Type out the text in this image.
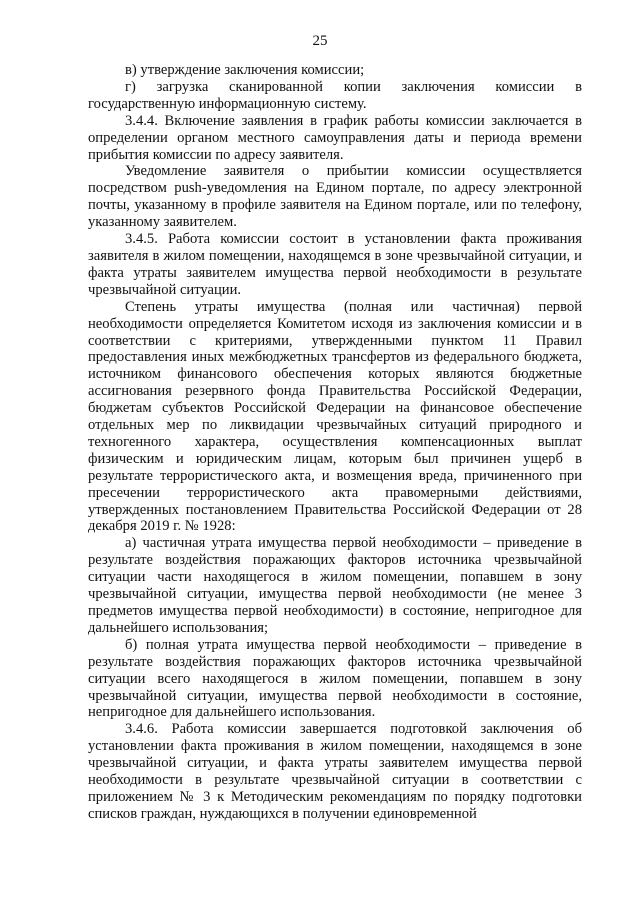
25

в) утверждение заключения комиссии;

г) загрузка сканированной копии заключения комиссии в государственную информационную систему.

3.4.4. Включение заявления в график работы комиссии заключается в определении органом местного самоуправления даты и периода времени прибытия комиссии по адресу заявителя.

Уведомление заявителя о прибытии комиссии осуществляется посредством push-уведомления на Едином портале, по адресу электронной почты, указанному в профиле заявителя на Едином портале, или по телефону, указанному заявителем.

3.4.5. Работа комиссии состоит в установлении факта проживания заявителя в жилом помещении, находящемся в зоне чрезвычайной ситуации, и факта утраты заявителем имущества первой необходимости в результате чрезвычайной ситуации.

Степень утраты имущества (полная или частичная) первой необходимости определяется Комитетом исходя из заключения комиссии и в соответствии с критериями, утвержденными пунктом 11 Правил предоставления иных межбюджетных трансфертов из федерального бюджета, источником финансового обеспечения которых являются бюджетные ассигнования резервного фонда Правительства Российской Федерации, бюджетам субъектов Российской Федерации на финансовое обеспечение отдельных мер по ликвидации чрезвычайных ситуаций природного и техногенного характера, осуществления компенсационных выплат физическим и юридическим лицам, которым был причинен ущерб в результате террористического акта, и возмещения вреда, причиненного при пресечении террористического акта правомерными действиями, утвержденных постановлением Правительства Российской Федерации от 28 декабря 2019 г. № 1928:

а) частичная утрата имущества первой необходимости – приведение в результате воздействия поражающих факторов источника чрезвычайной ситуации части находящегося в жилом помещении, попавшем в зону чрезвычайной ситуации, имущества первой необходимости (не менее 3 предметов имущества первой необходимости) в состояние, непригодное для дальнейшего использования;

б) полная утрата имущества первой необходимости – приведение в результате воздействия поражающих факторов источника чрезвычайной ситуации всего находящегося в жилом помещении, попавшем в зону чрезвычайной ситуации, имущества первой необходимости в состояние, непригодное для дальнейшего использования.

3.4.6. Работа комиссии завершается подготовкой заключения об установлении факта проживания в жилом помещении, находящемся в зоне чрезвычайной ситуации, и факта утраты заявителем имущества первой необходимости в результате чрезвычайной ситуации в соответствии с приложением № 3 к Методическим рекомендациям по порядку подготовки списков граждан, нуждающихся в получении единовременной
